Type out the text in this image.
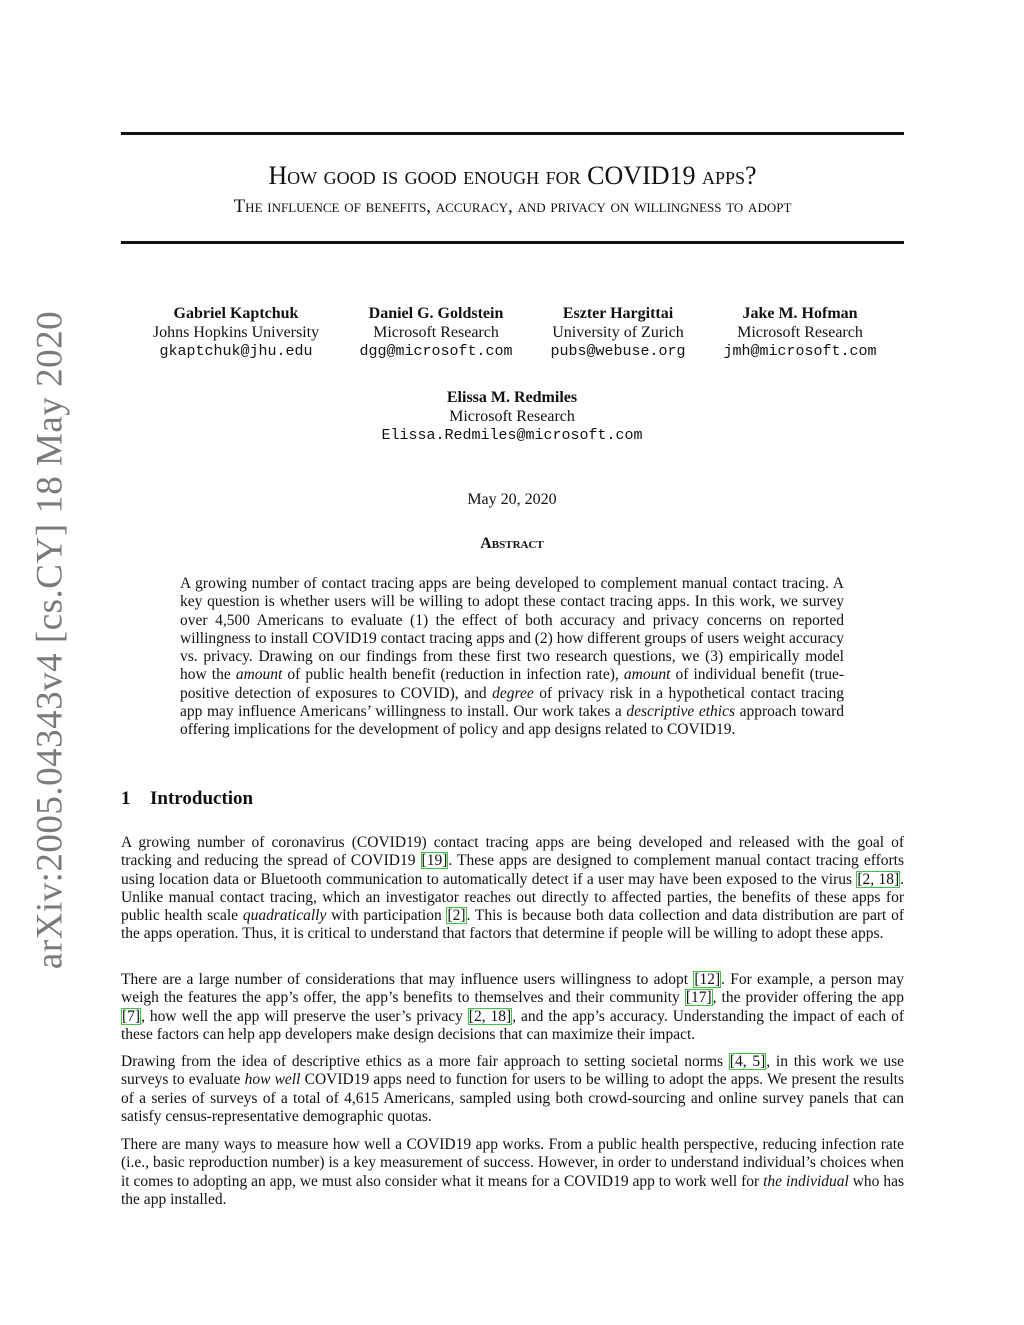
arXiv:2005.04343v4 [cs.CY] 18 May 2020
How good is good enough for COVID19 apps?
The influence of benefits, accuracy, and privacy on willingness to adopt
Gabriel Kaptchuk
Johns Hopkins University
gkaptchuk@jhu.edu
Daniel G. Goldstein
Microsoft Research
dgg@microsoft.com
Eszter Hargittai
University of Zurich
pubs@webuse.org
Jake M. Hofman
Microsoft Research
jmh@microsoft.com
Elissa M. Redmiles
Microsoft Research
Elissa.Redmiles@microsoft.com
May 20, 2020
Abstract

A growing number of contact tracing apps are being developed to complement manual contact tracing. A key question is whether users will be willing to adopt these contact tracing apps. In this work, we survey over 4,500 Americans to evaluate (1) the effect of both accuracy and privacy concerns on reported willingness to install COVID19 contact tracing apps and (2) how different groups of users weight accuracy vs. privacy. Drawing on our findings from these first two research questions, we (3) empirically model how the amount of public health benefit (reduction in infection rate), amount of individual benefit (true-positive detection of exposures to COVID), and degree of privacy risk in a hypothetical contact tracing app may influence Americans’ willingness to install. Our work takes a descriptive ethics approach toward offering implications for the development of policy and app designs related to COVID19.

1 Introduction

A growing number of coronavirus (COVID19) contact tracing apps are being developed and released with the goal of tracking and reducing the spread of COVID19 [19]. These apps are designed to complement manual contact tracing efforts using location data or Bluetooth communication to automatically detect if a user may have been exposed to the virus [2, 18]. Unlike manual contact tracing, which an investigator reaches out directly to affected parties, the benefits of these apps for public health scale quadratically with participation [2]. This is because both data collection and data distribution are part of the apps operation. Thus, it is critical to understand that factors that determine if people will be willing to adopt these apps.

There are a large number of considerations that may influence users willingness to adopt [12]. For example, a person may weigh the features the app’s offer, the app’s benefits to themselves and their community [17], the provider offering the app [7], how well the app will preserve the user’s privacy [2, 18], and the app’s accuracy. Understanding the impact of each of these factors can help app developers make design decisions that can maximize their impact.

Drawing from the idea of descriptive ethics as a more fair approach to setting societal norms [4, 5], in this work we use surveys to evaluate how well COVID19 apps need to function for users to be willing to adopt the apps. We present the results of a series of surveys of a total of 4,615 Americans, sampled using both crowd-sourcing and online survey panels that can satisfy census-representative demographic quotas.

There are many ways to measure how well a COVID19 app works. From a public health perspective, reducing infection rate (i.e., basic reproduction number) is a key measurement of success. However, in order to understand individual’s choices when it comes to adopting an app, we must also consider what it means for a COVID19 app to work well for the individual who has the app installed.
